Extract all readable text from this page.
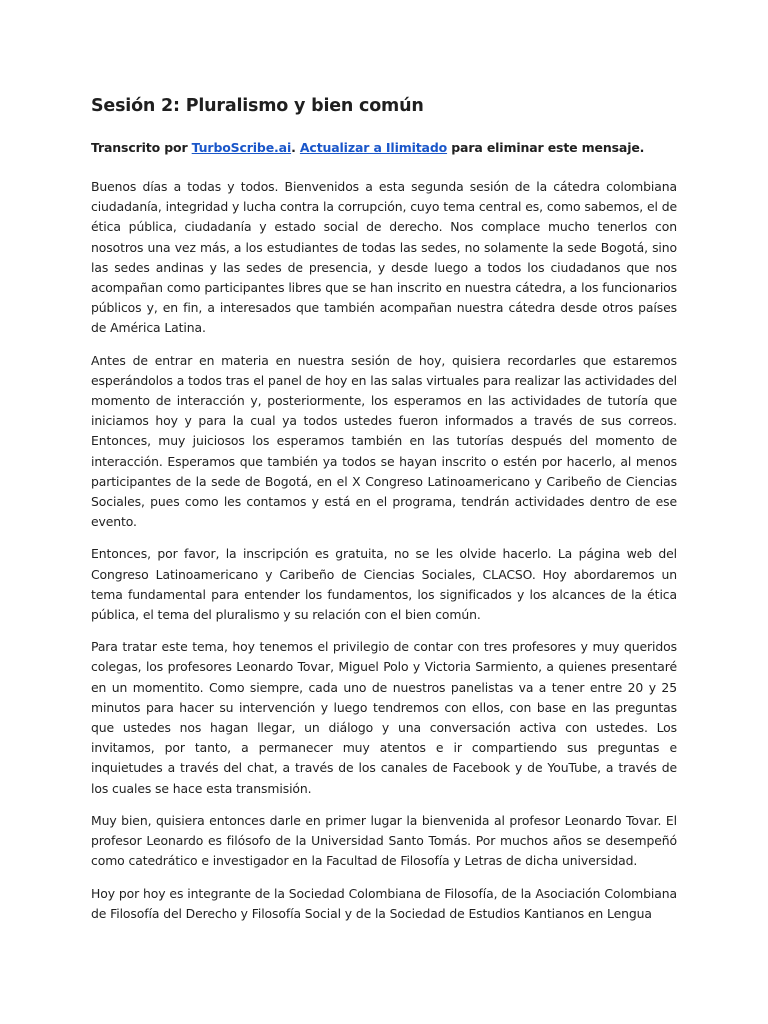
Sesión 2: Pluralismo y bien común

Transcrito por TurboScribe.ai. Actualizar a Ilimitado para eliminar este mensaje.

Buenos días a todas y todos. Bienvenidos a esta segunda sesión de la cátedra colombiana ciudadanía, integridad y lucha contra la corrupción, cuyo tema central es, como sabemos, el de ética pública, ciudadanía y estado social de derecho. Nos complace mucho tenerlos con nosotros una vez más, a los estudiantes de todas las sedes, no solamente la sede Bogotá, sino las sedes andinas y las sedes de presencia, y desde luego a todos los ciudadanos que nos acompañan como participantes libres que se han inscrito en nuestra cátedra, a los funcionarios públicos y, en fin, a interesados que también acompañan nuestra cátedra desde otros países de América Latina.

Antes de entrar en materia en nuestra sesión de hoy, quisiera recordarles que estaremos esperándolos a todos tras el panel de hoy en las salas virtuales para realizar las actividades del momento de interacción y, posteriormente, los esperamos en las actividades de tutoría que iniciamos hoy y para la cual ya todos ustedes fueron informados a través de sus correos. Entonces, muy juiciosos los esperamos también en las tutorías después del momento de interacción. Esperamos que también ya todos se hayan inscrito o estén por hacerlo, al menos participantes de la sede de Bogotá, en el X Congreso Latinoamericano y Caribeño de Ciencias Sociales, pues como les contamos y está en el programa, tendrán actividades dentro de ese evento.

Entonces, por favor, la inscripción es gratuita, no se les olvide hacerlo. La página web del Congreso Latinoamericano y Caribeño de Ciencias Sociales, CLACSO. Hoy abordaremos un tema fundamental para entender los fundamentos, los significados y los alcances de la ética pública, el tema del pluralismo y su relación con el bien común.

Para tratar este tema, hoy tenemos el privilegio de contar con tres profesores y muy queridos colegas, los profesores Leonardo Tovar, Miguel Polo y Victoria Sarmiento, a quienes presentaré en un momentito. Como siempre, cada uno de nuestros panelistas va a tener entre 20 y 25 minutos para hacer su intervención y luego tendremos con ellos, con base en las preguntas que ustedes nos hagan llegar, un diálogo y una conversación activa con ustedes. Los invitamos, por tanto, a permanecer muy atentos e ir compartiendo sus preguntas e inquietudes a través del chat, a través de los canales de Facebook y de YouTube, a través de los cuales se hace esta transmisión.

Muy bien, quisiera entonces darle en primer lugar la bienvenida al profesor Leonardo Tovar. El profesor Leonardo es filósofo de la Universidad Santo Tomás. Por muchos años se desempeñó como catedrático e investigador en la Facultad de Filosofía y Letras de dicha universidad.

Hoy por hoy es integrante de la Sociedad Colombiana de Filosofía, de la Asociación Colombiana de Filosofía del Derecho y Filosofía Social y de la Sociedad de Estudios Kantianos en Lengua
